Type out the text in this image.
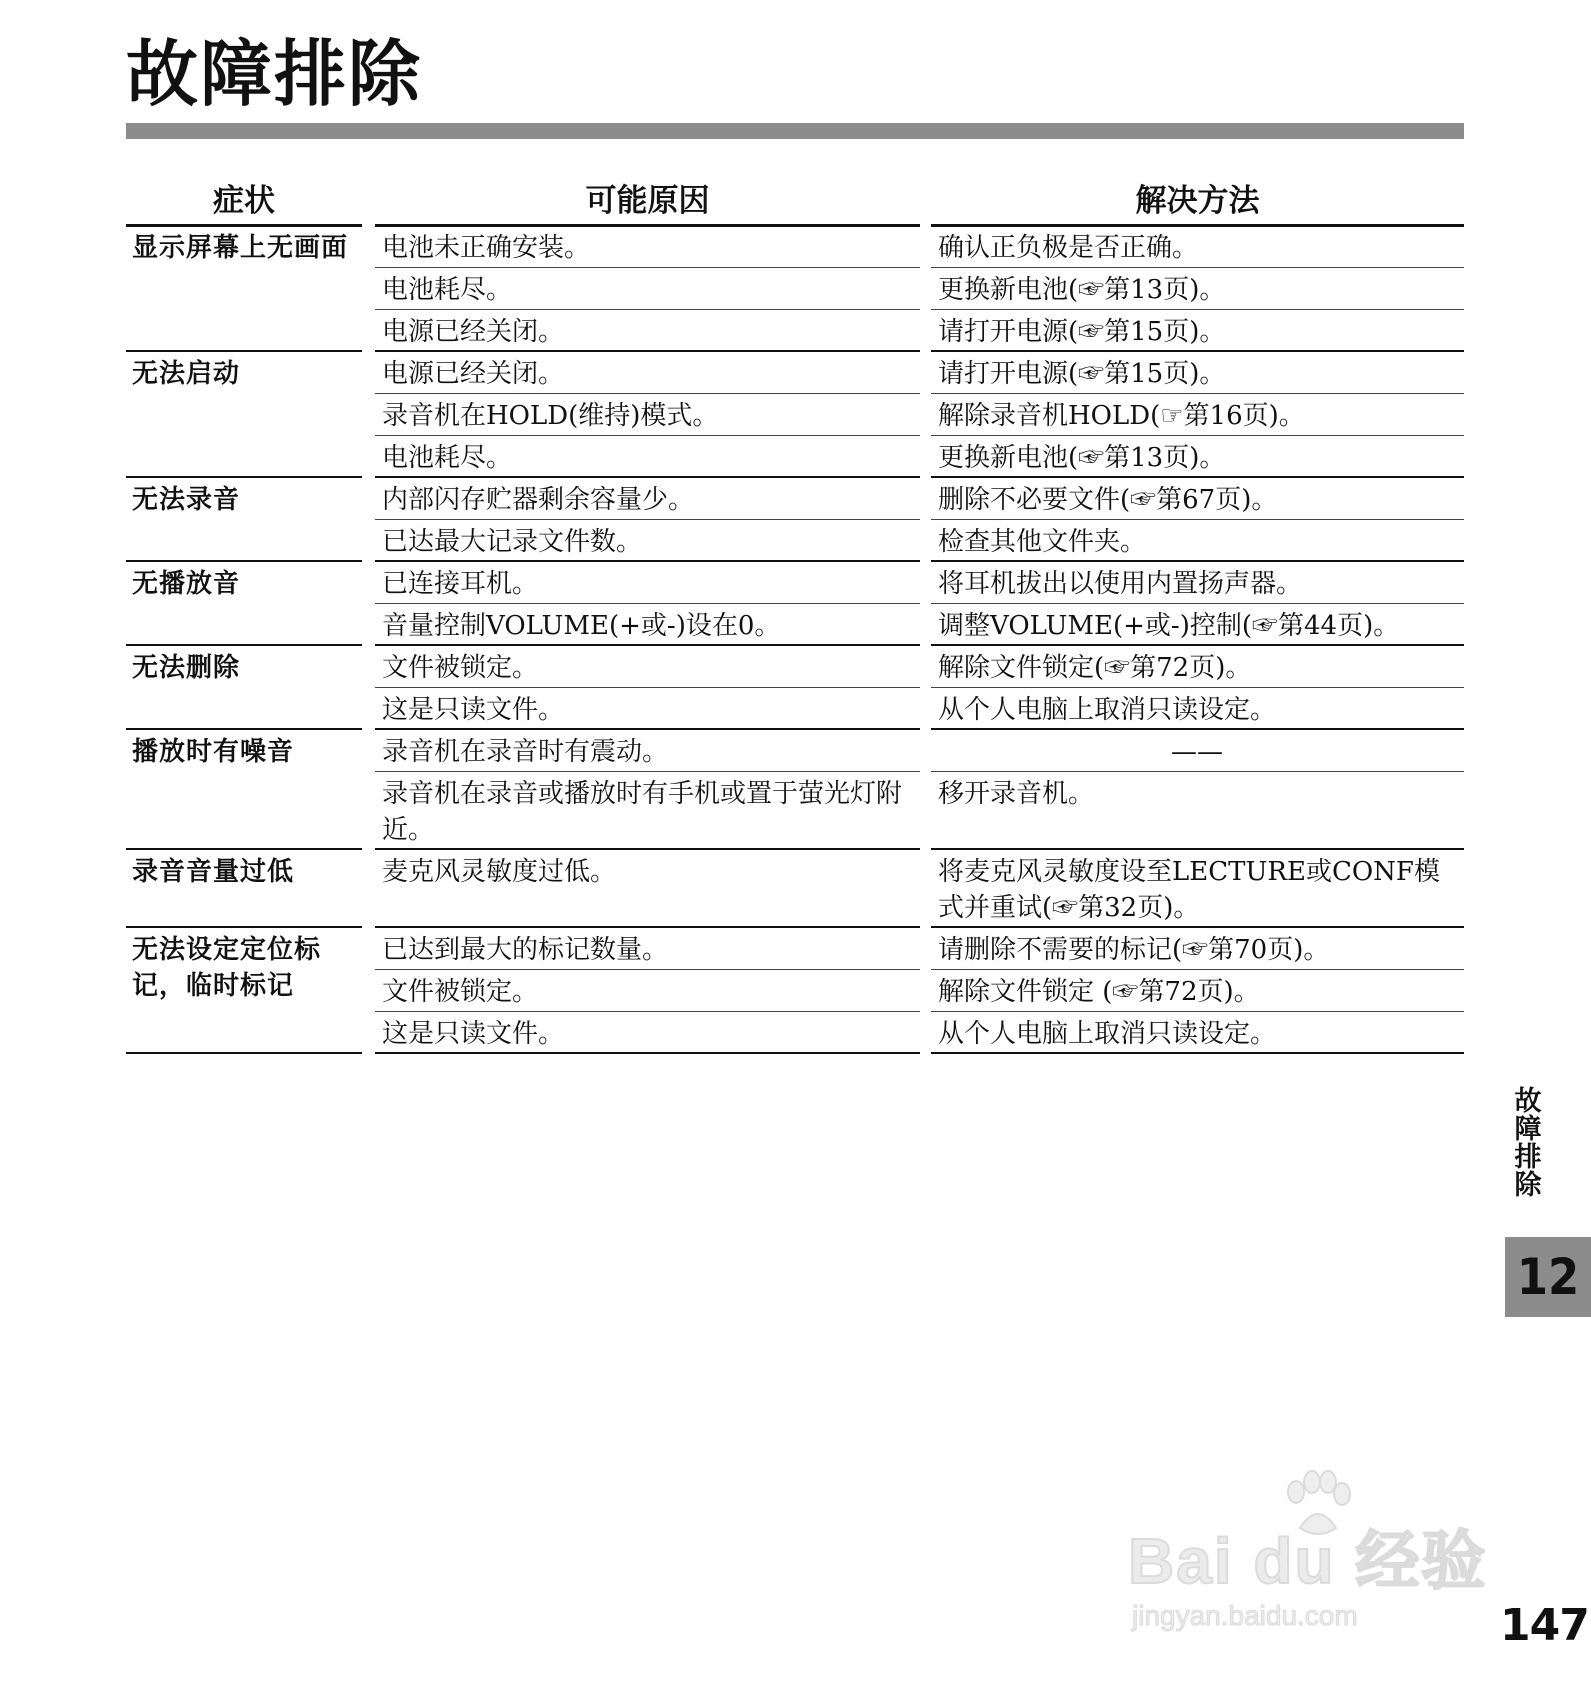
故障排除
症状	可能原因	解决方法
显示屏幕上无画面
无法启动
无法录音
无播放音
无法删除
播放时有噪音
录音音量过低
无法设定定位标记，临时标记
电池未正确安装。
电池耗尽。
电源已经关闭。
电源已经关闭。
录音机在HOLD(维持)模式。
电池耗尽。
内部闪存贮器剩余容量少。
已达最大记录文件数。
已连接耳机。
音量控制VOLUME(+或-)设在0。
文件被锁定。
这是只读文件。
录音机在录音时有震动。
录音机在录音或播放时有手机或置于萤光灯附近。
麦克风灵敏度过低。
已达到最大的标记数量。
文件被锁定。
这是只读文件。
确认正负极是否正确。
更换新电池(☞第13页)。
请打开电源(☞第15页)。
请打开电源(☞第15页)。
解除录音机HOLD(☞第16页)。
更换新电池(☞第13页)。
删除不必要文件(☞第67页)。
检查其他文件夹。
将耳机拔出以使用内置扬声器。
调整VOLUME(+或-)控制(☞第44页)。
解除文件锁定(☞第72页)。
从个人电脑上取消只读设定。
——
移开录音机。
将麦克风灵敏度设至LECTURE或CONF模式并重试(☞第32页)。
请删除不需要的标记(☞第70页)。
解除文件锁定 (☞第72页)。
从个人电脑上取消只读设定。
故
障
排
除
12
147
Bai du 经验
jingyan.baidu.com
